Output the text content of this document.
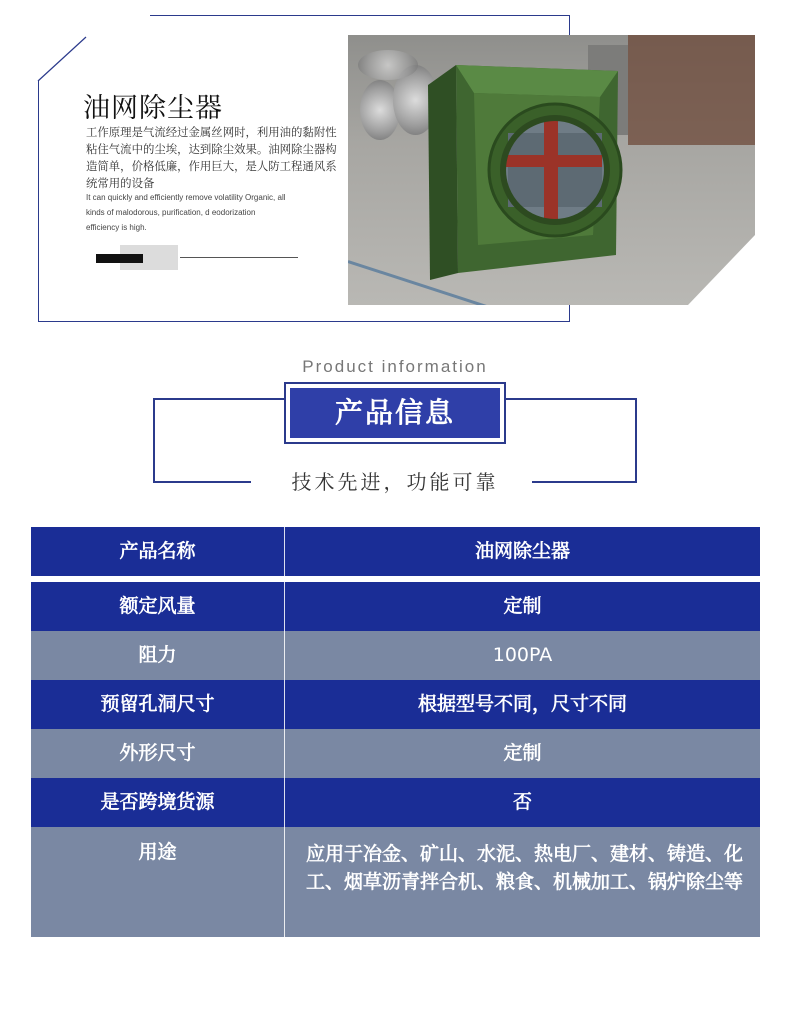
油网除尘器
工作原理是气流经过金属丝网时，利用油的黏附性粘住气流中的尘埃，达到除尘效果。油网除尘器构造简单，价格低廉，作用巨大，是人防工程通风系统常用的设备
It can quickly and efficiently remove volatility Organic, all kinds of malodorous, purification, d eodorization efficiency is high.
Product information
产品信息
技术先进，功能可靠
产品名称	油网除尘器
额定风量	定制
阻力	100PA
预留孔洞尺寸	根据型号不同，尺寸不同
外形尺寸	定制
是否跨境货源	否
用途	应用于冶金、矿山、水泥、热电厂、建材、铸造、化工、烟草沥青拌合机、粮食、机械加工、锅炉除尘等
